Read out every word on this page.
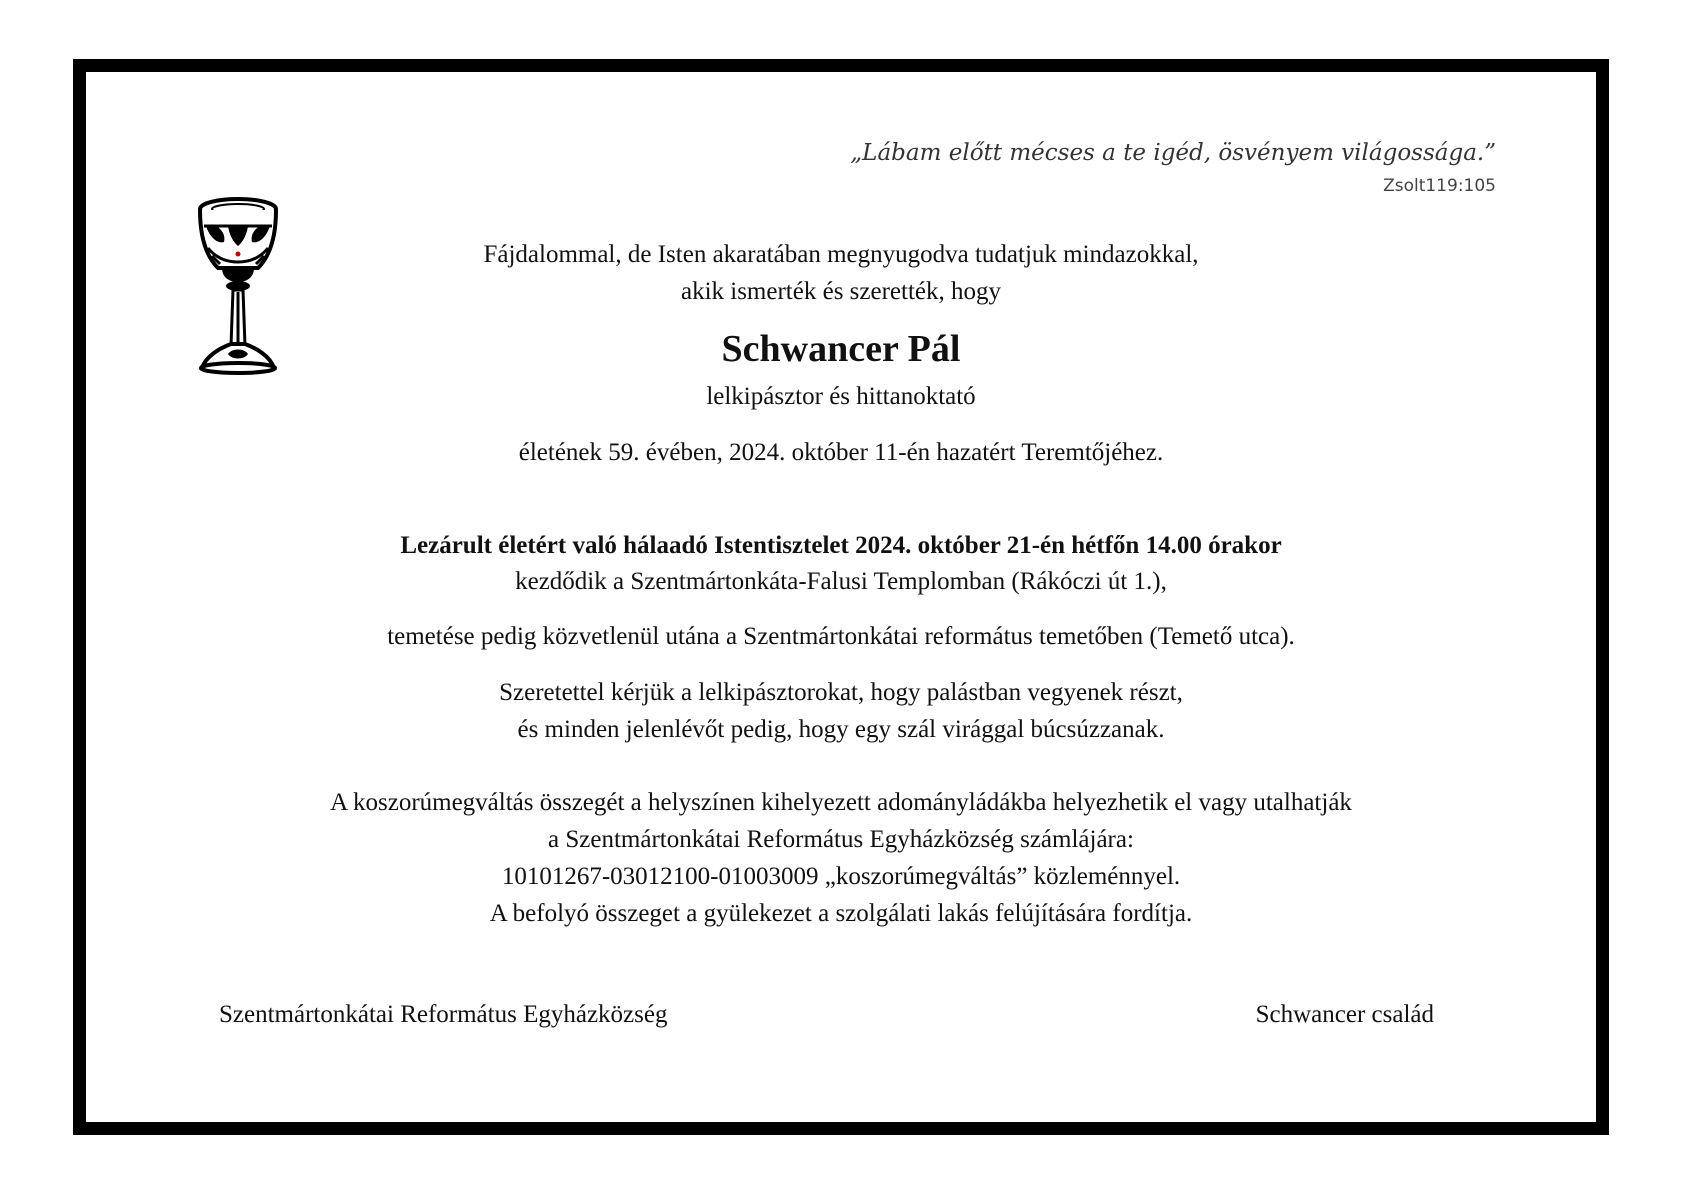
„Lábam előtt mécses a te igéd, ösvényem világossága.”
Zsolt119:105
Fájdalommal, de Isten akaratában megnyugodva tudatjuk mindazokkal,
akik ismerték és szerették, hogy
Schwancer Pál
lelkipásztor és hittanoktató
életének 59. évében, 2024. október 11-én hazatért Teremtőjéhez.
Lezárult életért való hálaadó Istentisztelet 2024. október 21-én hétfőn 14.00 órakor
kezdődik a Szentmártonkáta-Falusi Templomban (Rákóczi út 1.),
temetése pedig közvetlenül utána a Szentmártonkátai református temetőben (Temető utca).
Szeretettel kérjük a lelkipásztorokat, hogy palástban vegyenek részt,
és minden jelenlévőt pedig, hogy egy szál virággal búcsúzzanak.
A koszorúmegváltás összegét a helyszínen kihelyezett adományládákba helyezhetik el vagy utalhatják
a Szentmártonkátai Református Egyházközség számlájára:
10101267-03012100-01003009 „koszorúmegváltás” közleménnyel.
A befolyó összeget a gyülekezet a szolgálati lakás felújítására fordítja.
Szentmártonkátai Református Egyházközség	Schwancer család
